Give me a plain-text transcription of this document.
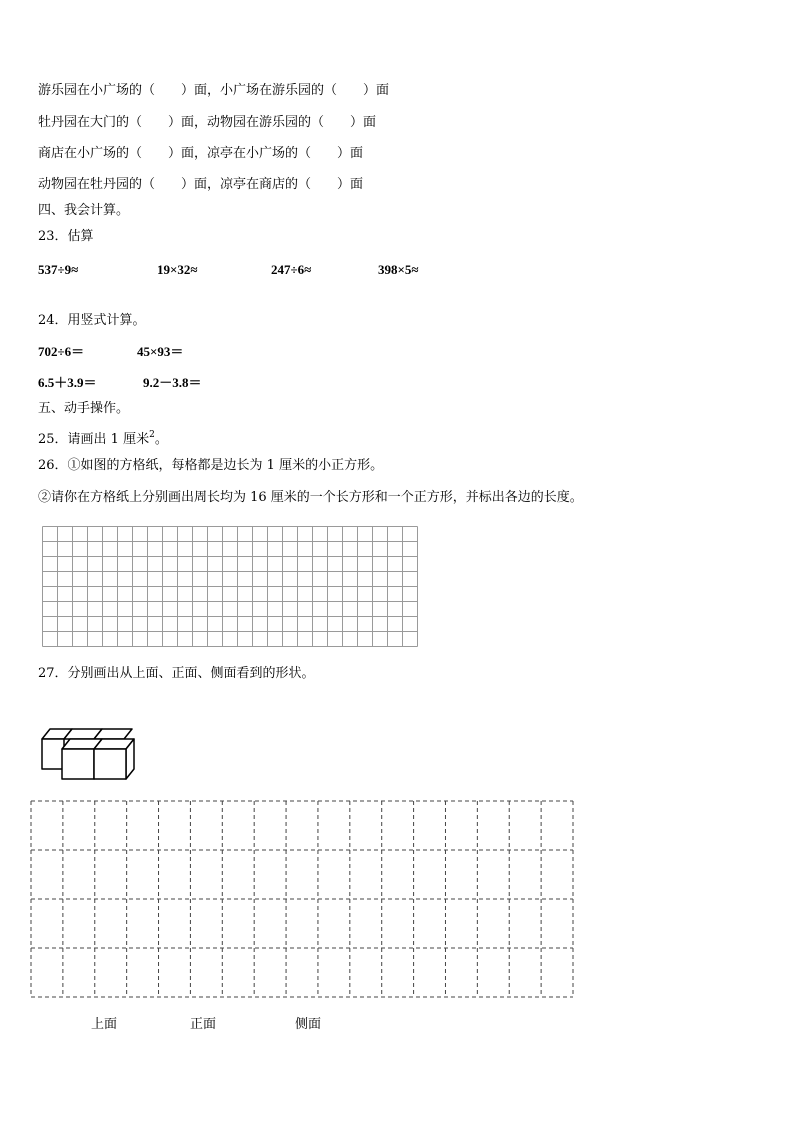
游乐园在小广场的（　　）面，小广场在游乐园的（　　）面
牡丹园在大门的（　　）面，动物园在游乐园的（　　）面
商店在小广场的（　　）面，凉亭在小广场的（　　）面
动物园在牡丹园的（　　）面，凉亭在商店的（　　）面
四、我会计算。
23．估算
537÷9≈	19×32≈	247÷6≈	398×5≈
24．用竖式计算。
702÷6＝	45×93＝
6.5＋3.9＝	9.2－3.8＝
五、动手操作。
25．请画出 1 厘米$^2$。
26．①如图的方格纸，每格都是边长为 1 厘米的小正方形。
②请你在方格纸上分别画出周长均为 16 厘米的一个长方形和一个正方形，并标出各边的长度。
27．分别画出从上面、正面、侧面看到的形状。
上面	正面	侧面
